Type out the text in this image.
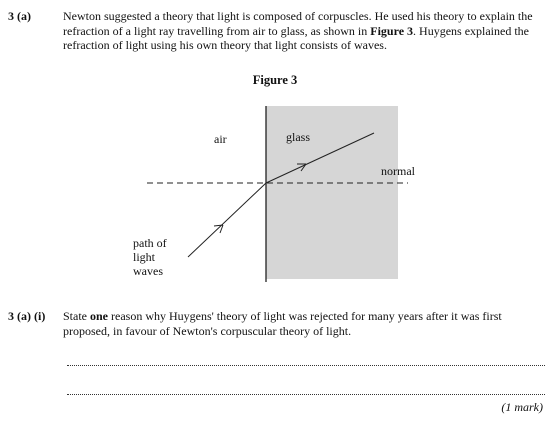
3 (a)	Newton suggested a theory that light is composed of corpuscles. He used his theory to explain the refraction of a light ray travelling from air to glass, as shown in Figure 3. Huygens explained the refraction of light using his own theory that light consists of waves.
Figure 3
air	glass
normal
path of
light
waves
3 (a) (i) State one reason why Huygens' theory of light was rejected for many years after it was first proposed, in favour of Newton's corpuscular theory of light.
(1 mark)
